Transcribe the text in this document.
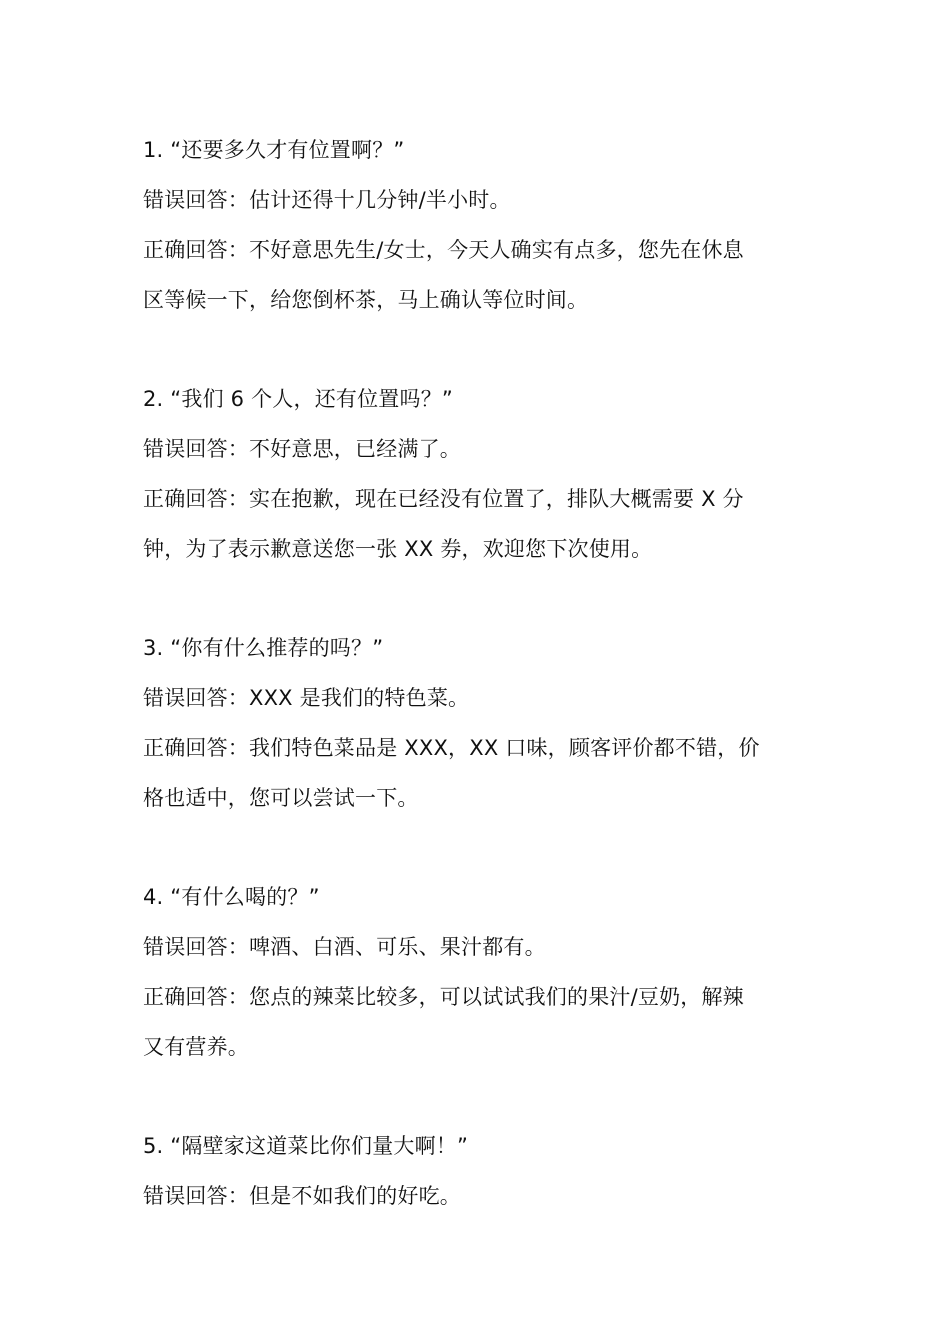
1. “还要多久才有位置啊？”
错误回答：估计还得十几分钟/半小时。
正确回答：不好意思先生/女士，今天人确实有点多，您先在休息
区等候一下，给您倒杯茶，马上确认等位时间。
2. “我们 6 个人，还有位置吗？”
错误回答：不好意思，已经满了。
正确回答：实在抱歉，现在已经没有位置了，排队大概需要 X 分
钟，为了表示歉意送您一张 XX 券，欢迎您下次使用。
3. “你有什么推荐的吗？”
错误回答：XXX 是我们的特色菜。
正确回答：我们特色菜品是 XXX，XX 口味，顾客评价都不错，价
格也适中，您可以尝试一下。
4. “有什么喝的？”
错误回答：啤酒、白酒、可乐、果汁都有。
正确回答：您点的辣菜比较多，可以试试我们的果汁/豆奶，解辣
又有营养。
5. “隔壁家这道菜比你们量大啊！”
错误回答：但是不如我们的好吃。
